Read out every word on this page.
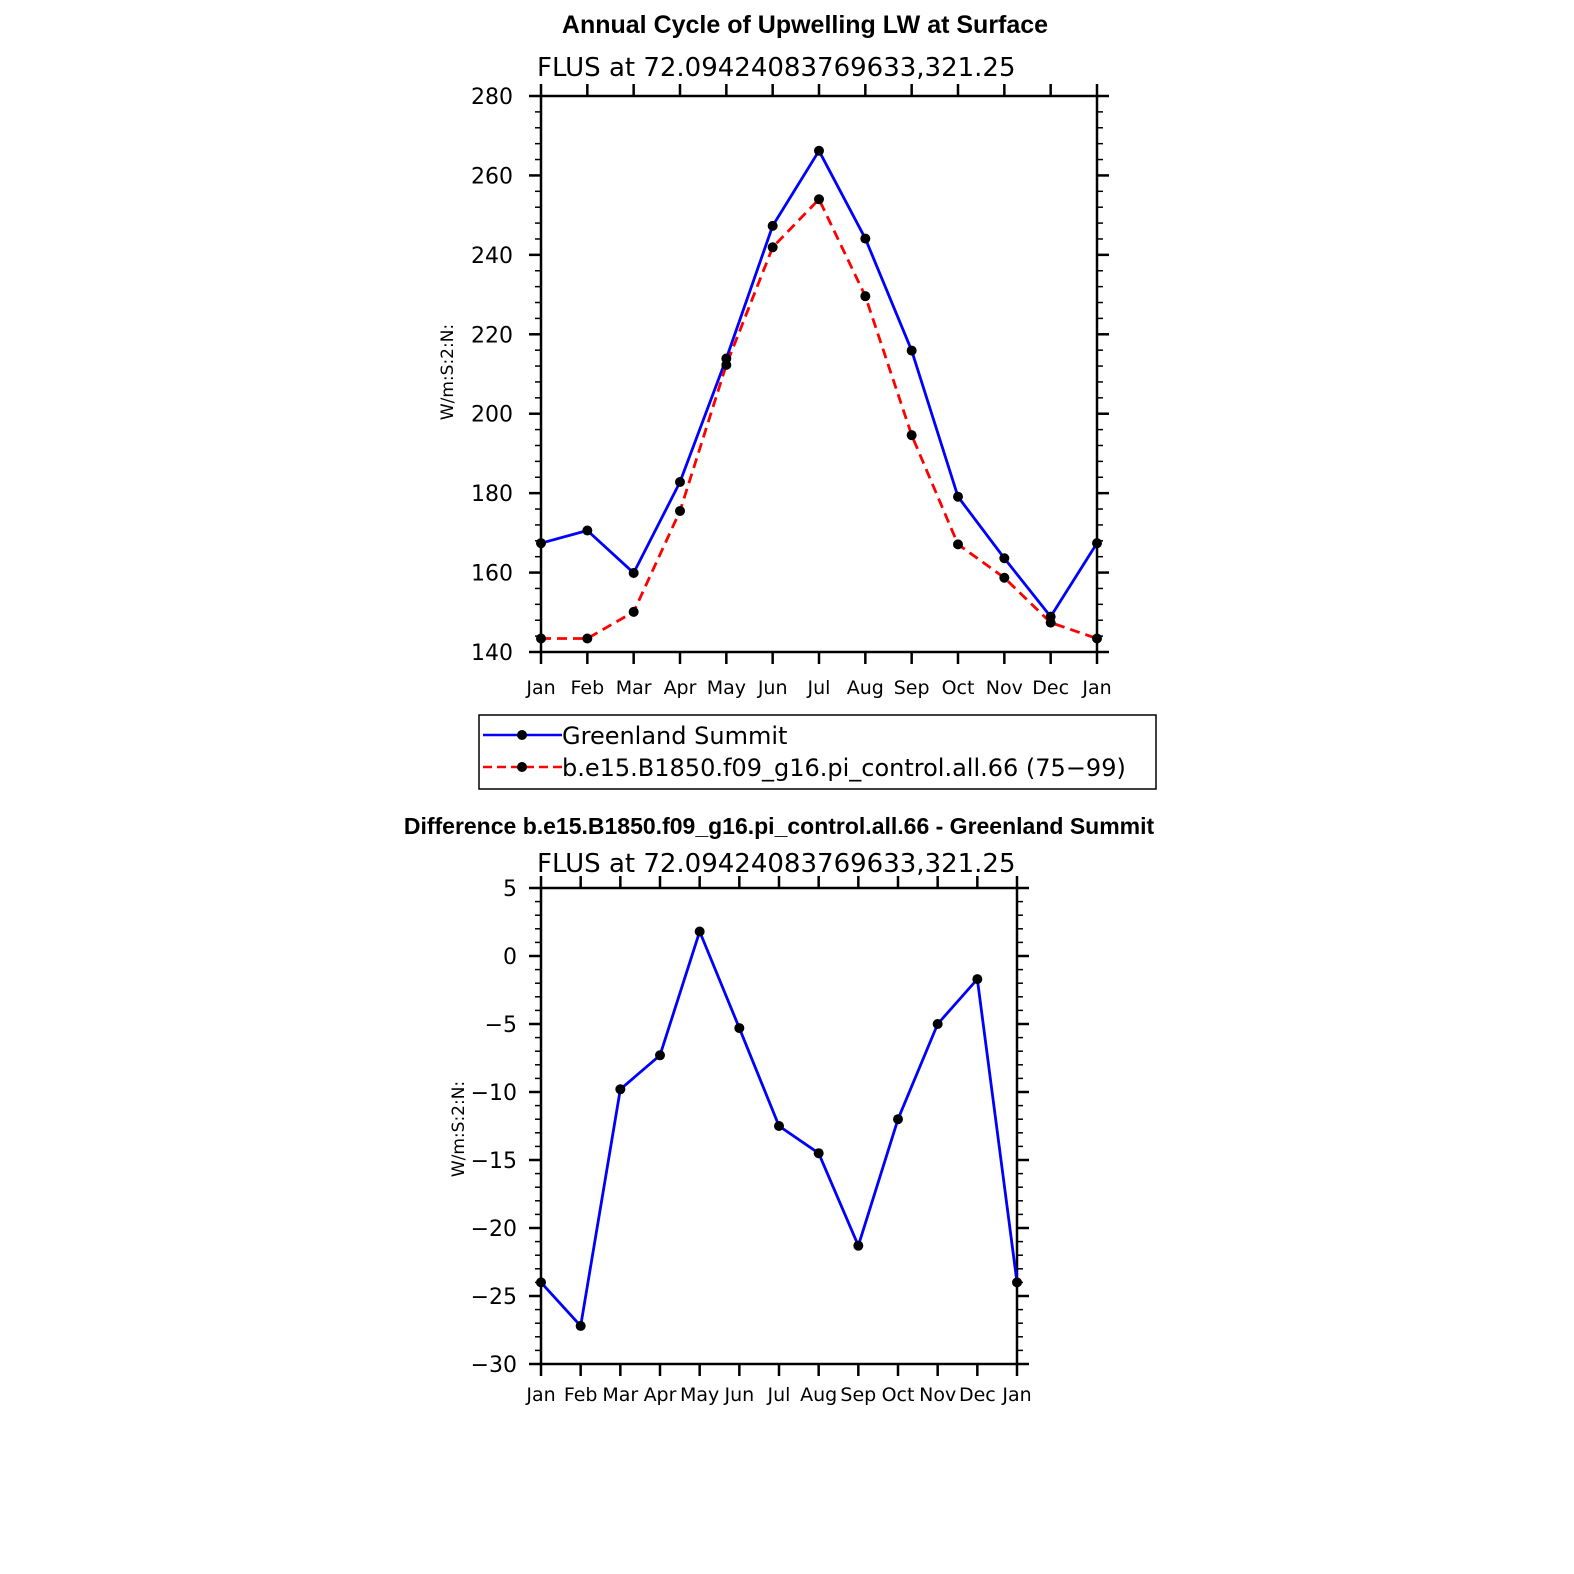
Annual Cycle of Upwelling LW at Surface
FLUS at 72.09424083769633,321.25
W/m:S:2:N:
140
160
180
200
220
240
260
280
Jan Feb Mar Apr May Jun Jul Aug Sep Oct Nov Dec Jan
Greenland Summit
b.e15.B1850.f09_g16.pi_control.all.66 (75−99)
Difference b.e15.B1850.f09_g16.pi_control.all.66 - Greenland Summit
FLUS at 72.09424083769633,321.25
W/m:S:2:N:
−30
−25
−20
−15
−10
−5
0
5
Jan Feb Mar Apr May Jun Jul Aug Sep Oct Nov Dec Jan
